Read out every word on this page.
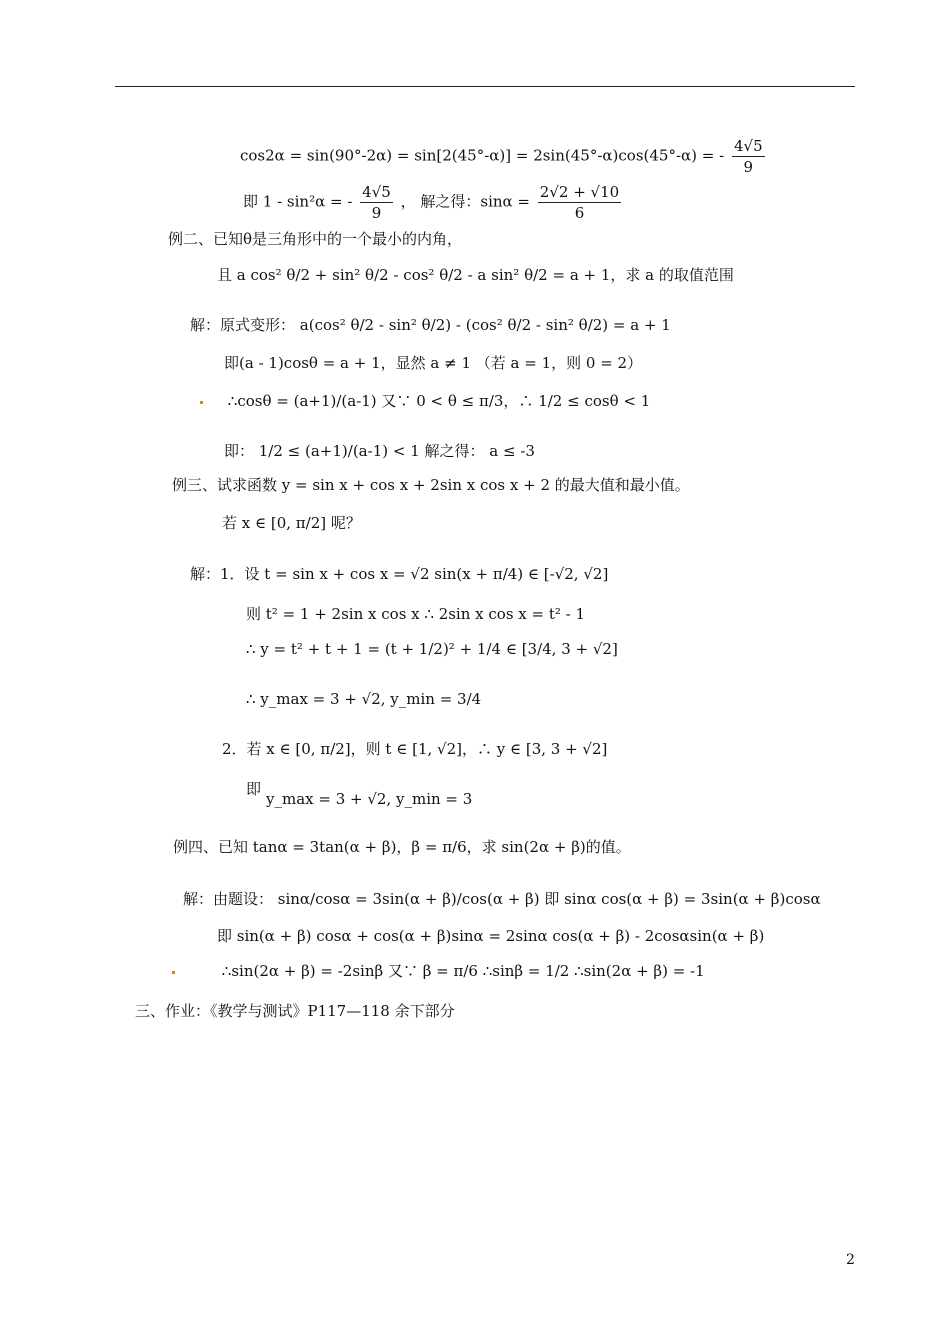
cos2α = sin(90°-2α) = sin[2(45°-α)] = 2sin(45°-α)cos(45°-α) = - $\frac{4√5}{9}$
即 1 - sin²α = - $\frac{4√5}{9}$ ， 解之得：$\sin\alpha = \frac{2√2 + √10}{6}$
例二、已知θ是三角形中的一个最小的内角，
且 a cos² θ/2 + sin² θ/2 - cos² θ/2 - a sin² θ/2 = a + 1，求 a 的取值范围
解：原式变形： a(cos² θ/2 - sin² θ/2) - (cos² θ/2 - sin² θ/2) = a + 1
即(a - 1)cosθ = a + 1，显然 a ≠ 1 （若 a = 1，则 0 = 2）
∴cosθ = (a+1)/(a-1) 又∵ 0 < θ ≤ π/3，∴ 1/2 ≤ cosθ < 1
即： 1/2 ≤ (a+1)/(a-1) < 1 解之得： a ≤ -3
例三、试求函数 y = sin x + cos x + 2sin x cos x + 2 的最大值和最小值。
若 x ∈ [0, π/2] 呢？
解：1．设 t = sin x + cos x = √2 sin(x + π/4) ∈ [-√2, √2]
则 t² = 1 + 2sin x cos x ∴ 2sin x cos x = t² - 1
∴ y = t² + t + 1 = (t + 1/2)² + 1/4 ∈ [3/4, 3 + √2]
∴ y_max = 3 + √2, y_min = 3/4
2．若 x ∈ [0, π/2]，则 t ∈ [1, √2]，∴ y ∈ [3, 3 + √2]
即
y_max = 3 + √2, y_min = 3
例四、已知 tanα = 3tan(α + β)，β = π/6，求 sin(2α + β)的值。
解：由题设： sinα/cosα = 3sin(α + β)/cos(α + β) 即 sinα cos(α + β) = 3sin(α + β)cosα
即 sin(α + β) cosα + cos(α + β)sinα = 2sinα cos(α + β) - 2cosαsin(α + β)
∴sin(2α + β) = -2sinβ 又∵ β = π/6 ∴sinβ = 1/2 ∴sin(2α + β) = -1
三、作业：《教学与测试》P117—118 余下部分
2
